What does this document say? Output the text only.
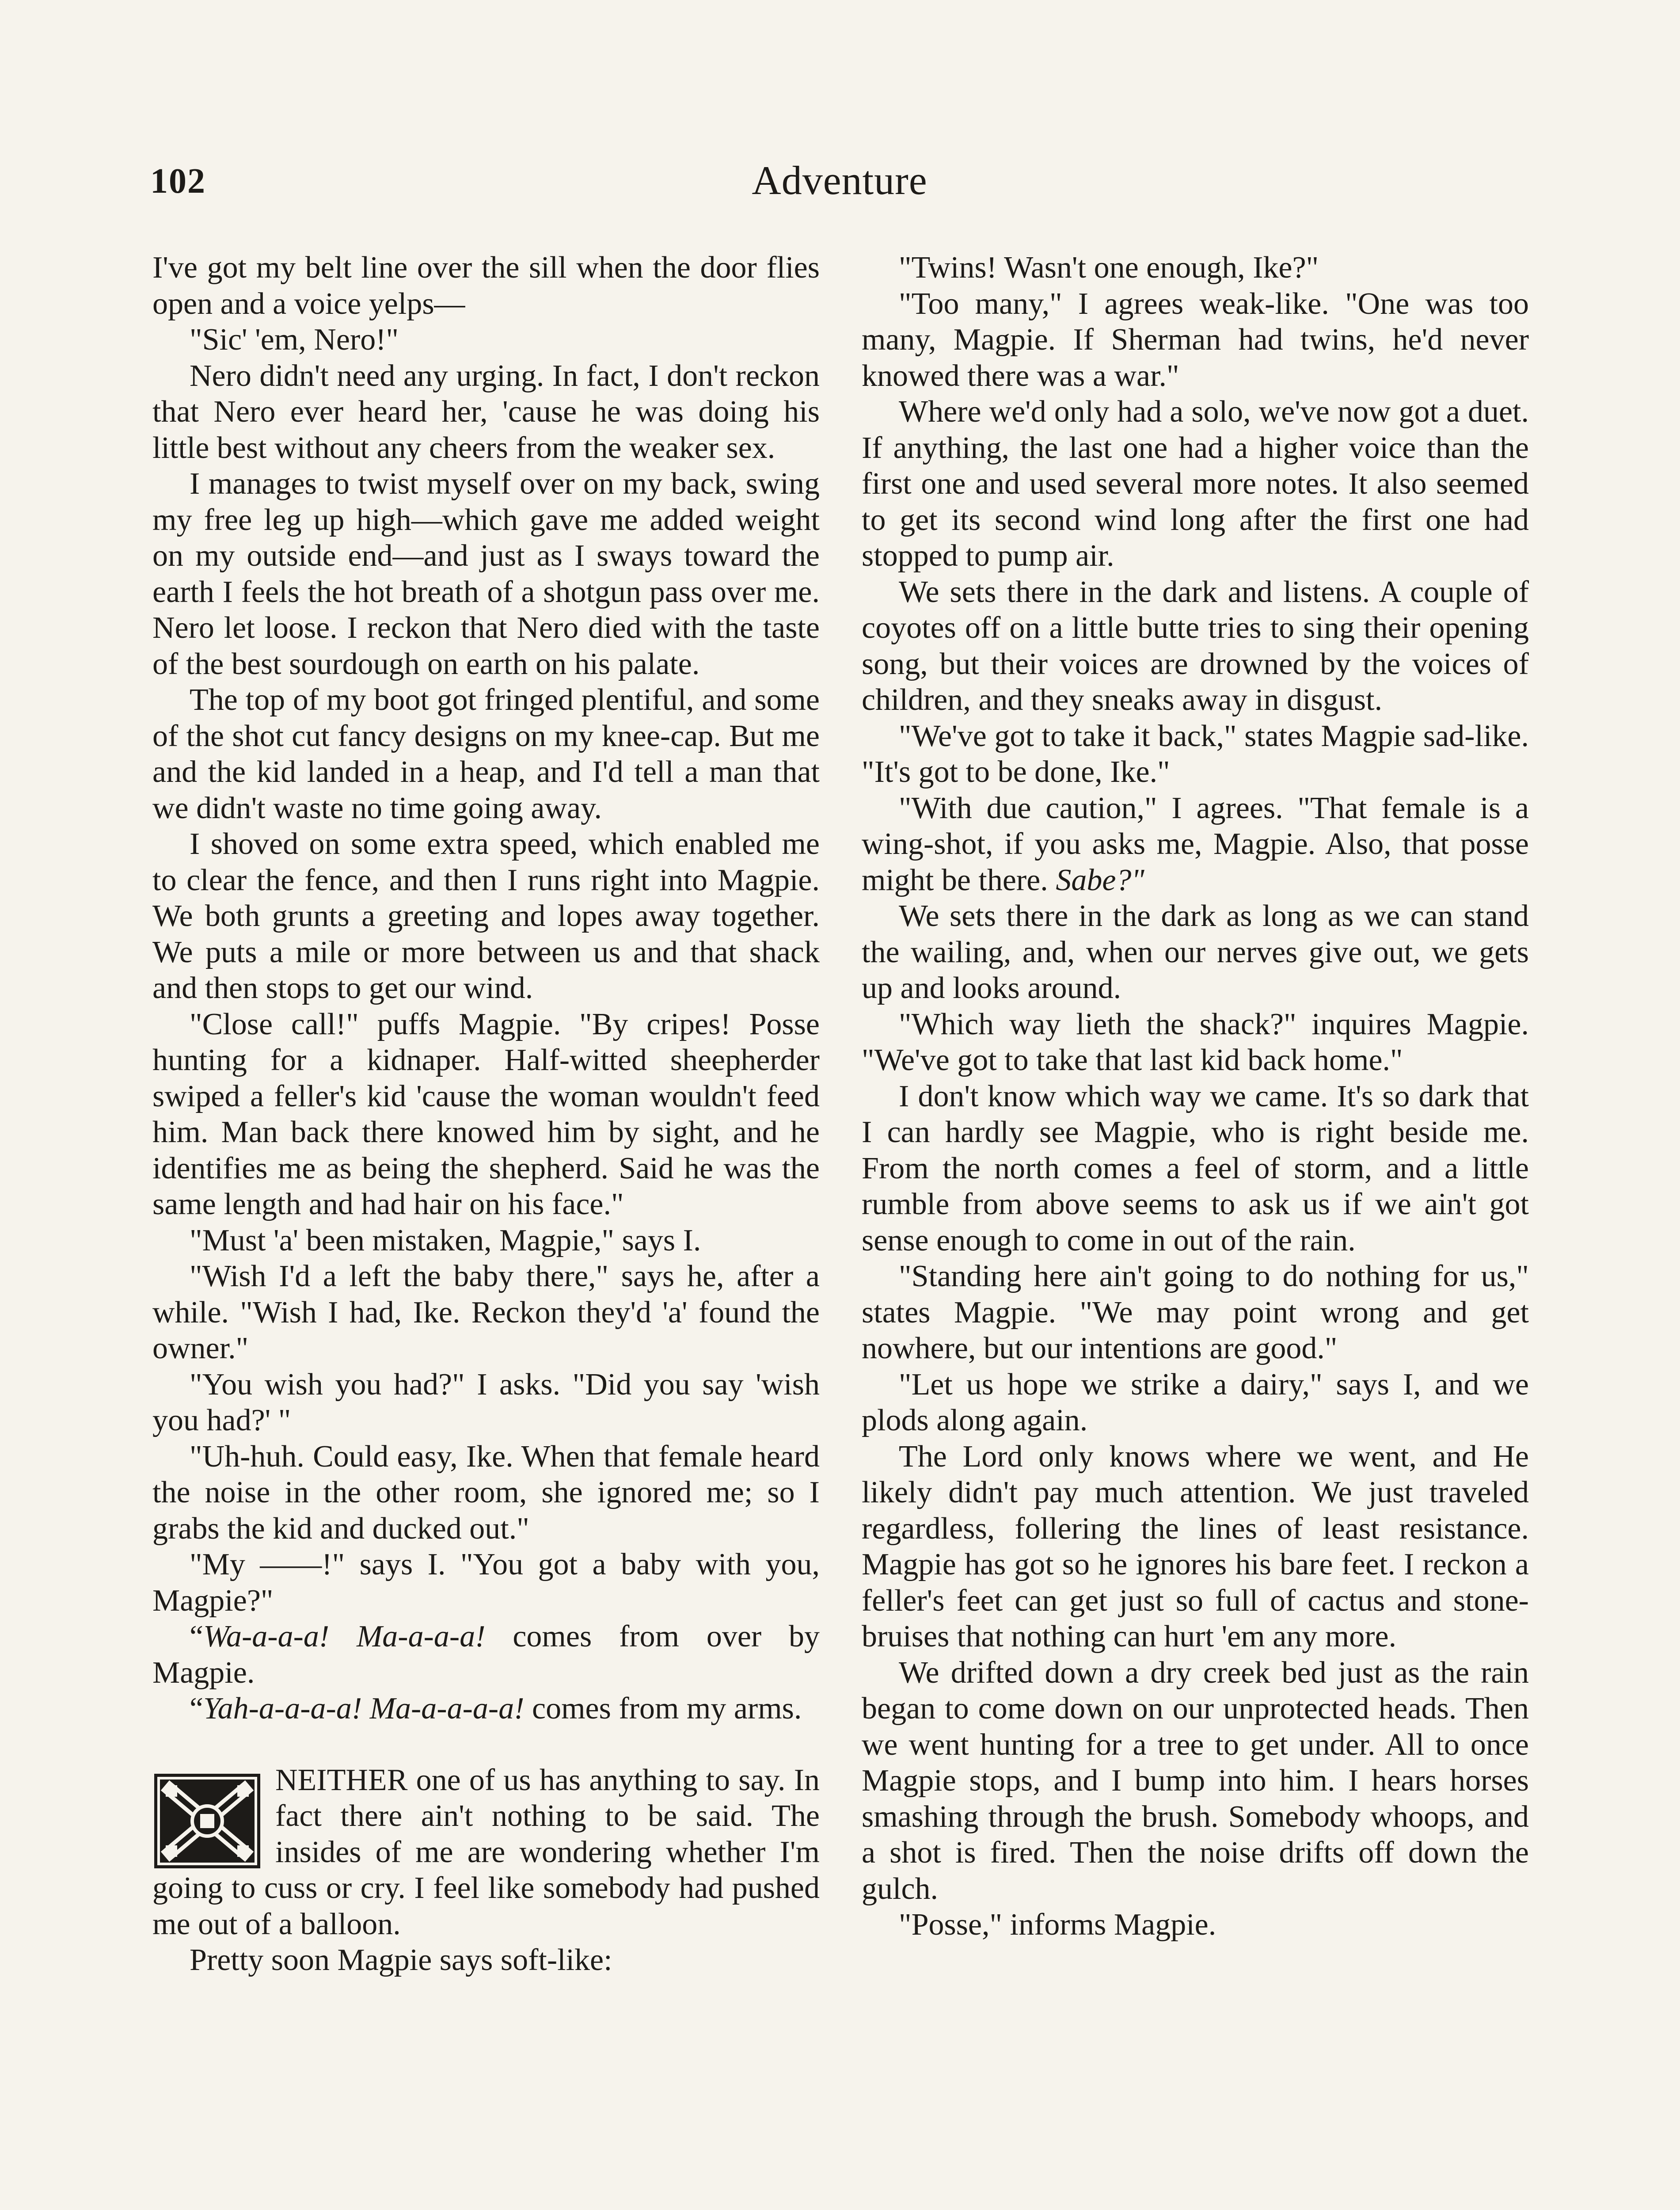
102	Adventure

I've got my belt line over the sill when the door flies open and a voice yelps—

"Sic' 'em, Nero!"

Nero didn't need any urging. In fact, I don't reckon that Nero ever heard her, 'cause he was doing his little best without any cheers from the weaker sex.

I manages to twist myself over on my back, swing my free leg up high—which gave me added weight on my outside end—and just as I sways toward the earth I feels the hot breath of a shotgun pass over me. Nero let loose. I reckon that Nero died with the taste of the best sourdough on earth on his palate.

The top of my boot got fringed plentiful, and some of the shot cut fancy designs on my knee-cap. But me and the kid landed in a heap, and I'd tell a man that we didn't waste no time going away.

I shoved on some extra speed, which enabled me to clear the fence, and then I runs right into Magpie. We both grunts a greeting and lopes away together. We puts a mile or more between us and that shack and then stops to get our wind.

"Close call!" puffs Magpie. "By cripes! Posse hunting for a kidnaper. Half-witted sheepherder swiped a feller's kid 'cause the woman wouldn't feed him. Man back there knowed him by sight, and he identifies me as being the shepherd. Said he was the same length and had hair on his face."

"Must 'a' been mistaken, Magpie," says I.

"Wish I'd a left the baby there," says he, after a while. "Wish I had, Ike. Reckon they'd 'a' found the owner."

"You wish you had?" I asks. "Did you say 'wish you had?' "

"Uh-huh. Could easy, Ike. When that female heard the noise in the other room, she ignored me; so I grabs the kid and ducked out."

"My ——!" says I. "You got a baby with you, Magpie?"

“Wa-a-a-a! Ma-a-a-a! comes from over by Magpie.

“Yah-a-a-a-a! Ma-a-a-a-a! comes from my arms.

N
NEITHER one of us has anything to say. In fact there ain't nothing to be said. The insides of me are wondering whether I'm going to cuss or cry. I feel like somebody had pushed me out of a balloon.

Pretty soon Magpie says soft-like:

"Twins! Wasn't one enough, Ike?"

"Too many," I agrees weak-like. "One was too many, Magpie. If Sherman had twins, he'd never knowed there was a war."

Where we'd only had a solo, we've now got a duet. If anything, the last one had a higher voice than the first one and used several more notes. It also seemed to get its second wind long after the first one had stopped to pump air.

We sets there in the dark and listens. A couple of coyotes off on a little butte tries to sing their opening song, but their voices are drowned by the voices of children, and they sneaks away in disgust.

"We've got to take it back," states Magpie sad-like. "It's got to be done, Ike."

"With due caution," I agrees. "That female is a wing-shot, if you asks me, Magpie. Also, that posse might be there. Sabe?"

We sets there in the dark as long as we can stand the wailing, and, when our nerves give out, we gets up and looks around.

"Which way lieth the shack?" inquires Magpie. "We've got to take that last kid back home."

I don't know which way we came. It's so dark that I can hardly see Magpie, who is right beside me. From the north comes a feel of storm, and a little rumble from above seems to ask us if we ain't got sense enough to come in out of the rain.

"Standing here ain't going to do nothing for us," states Magpie. "We may point wrong and get nowhere, but our intentions are good."

"Let us hope we strike a dairy," says I, and we plods along again.

The Lord only knows where we went, and He likely didn't pay much attention. We just traveled regardless, follering the lines of least resistance. Magpie has got so he ignores his bare feet. I reckon a feller's feet can get just so full of cactus and stone-bruises that nothing can hurt 'em any more.

We drifted down a dry creek bed just as the rain began to come down on our unprotected heads. Then we went hunting for a tree to get under. All to once Magpie stops, and I bump into him. I hears horses smashing through the brush. Somebody whoops, and a shot is fired. Then the noise drifts off down the gulch.

"Posse," informs Magpie.
